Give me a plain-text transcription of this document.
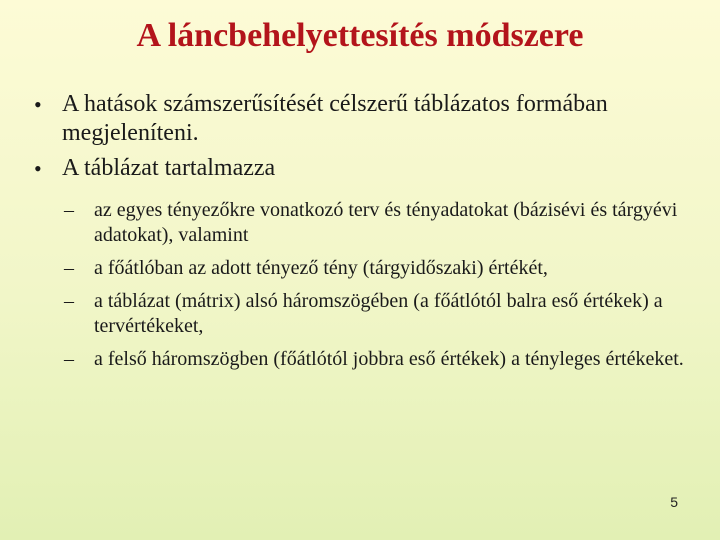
A láncbehelyettesítés módszere
• A hatások számszerűsítését célszerű táblázatos formában megjeleníteni.
• A táblázat tartalmazza
– az egyes tényezőkre vonatkozó terv és tényadatokat (bázisévi és tárgyévi adatokat), valamint
– a főátlóban az adott tényező tény (tárgyidőszaki) értékét,
– a táblázat (mátrix) alsó háromszögében (a főátlótól balra eső értékek) a tervértékeket,
– a felső háromszögben (főátlótól jobbra eső értékek) a tényleges értékeket.
5
